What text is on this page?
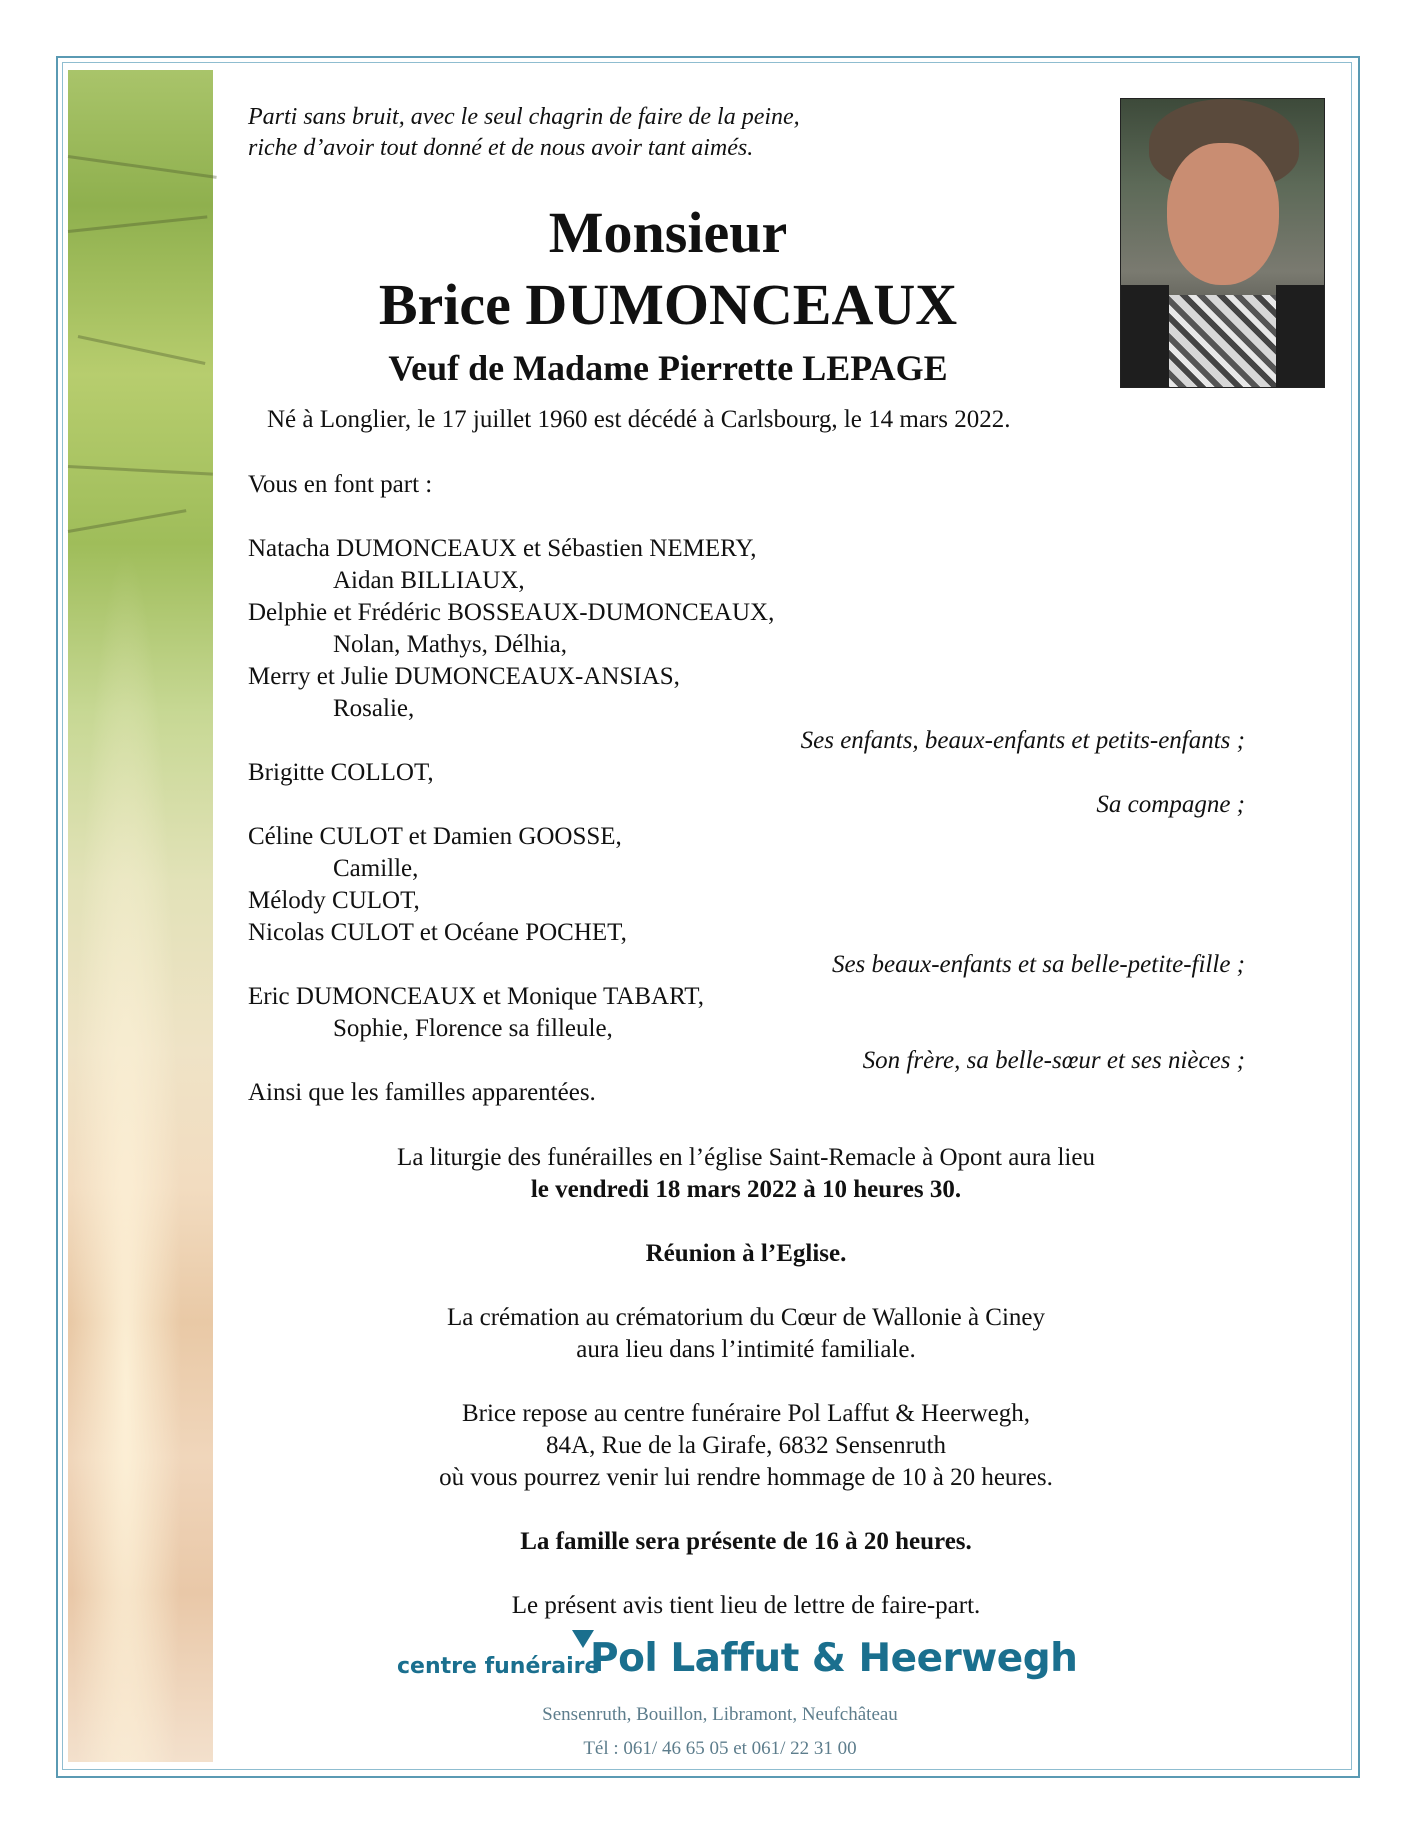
Parti sans bruit, avec le seul chagrin de faire de la peine,
riche d’avoir tout donné et de nous avoir tant aimés.
Monsieur
Brice DUMONCEAUX
Veuf de Madame Pierrette LEPAGE
Né à Longlier, le 17 juillet 1960 est décédé à Carlsbourg, le 14 mars 2022.
Vous en font part :
Natacha DUMONCEAUX et Sébastien NEMERY,
Aidan BILLIAUX,
Delphie et Frédéric BOSSEAUX-DUMONCEAUX,
Nolan, Mathys, Délhia,
Merry et Julie DUMONCEAUX-ANSIAS,
Rosalie,
Ses enfants, beaux-enfants et petits-enfants ;
Brigitte COLLOT,
Sa compagne ;
Céline CULOT et Damien GOOSSE,
Camille,
Mélody CULOT,
Nicolas CULOT et Océane POCHET,
Ses beaux-enfants et sa belle-petite-fille ;
Eric DUMONCEAUX et Monique TABART,
Sophie, Florence sa filleule,
Son frère, sa belle-sœur et ses nièces ;
Ainsi que les familles apparentées.
La liturgie des funérailles en l’église Saint-Remacle à Opont aura lieu
le vendredi 18 mars 2022 à 10 heures 30.
Réunion à l’Eglise.
La crémation au crématorium du Cœur de Wallonie à Ciney
aura lieu dans l’intimité familiale.
Brice repose au centre funéraire Pol Laffut & Heerwegh,
84A, Rue de la Girafe, 6832 Sensenruth
où vous pourrez venir lui rendre hommage de 10 à 20 heures.
La famille sera présente de 16 à 20 heures.
Le présent avis tient lieu de lettre de faire-part.
centre funéraire
Pol Laffut & Heerwegh
Sensenruth, Bouillon, Libramont, Neufchâteau
Tél : 061/ 46 65 05 et 061/ 22 31 00
